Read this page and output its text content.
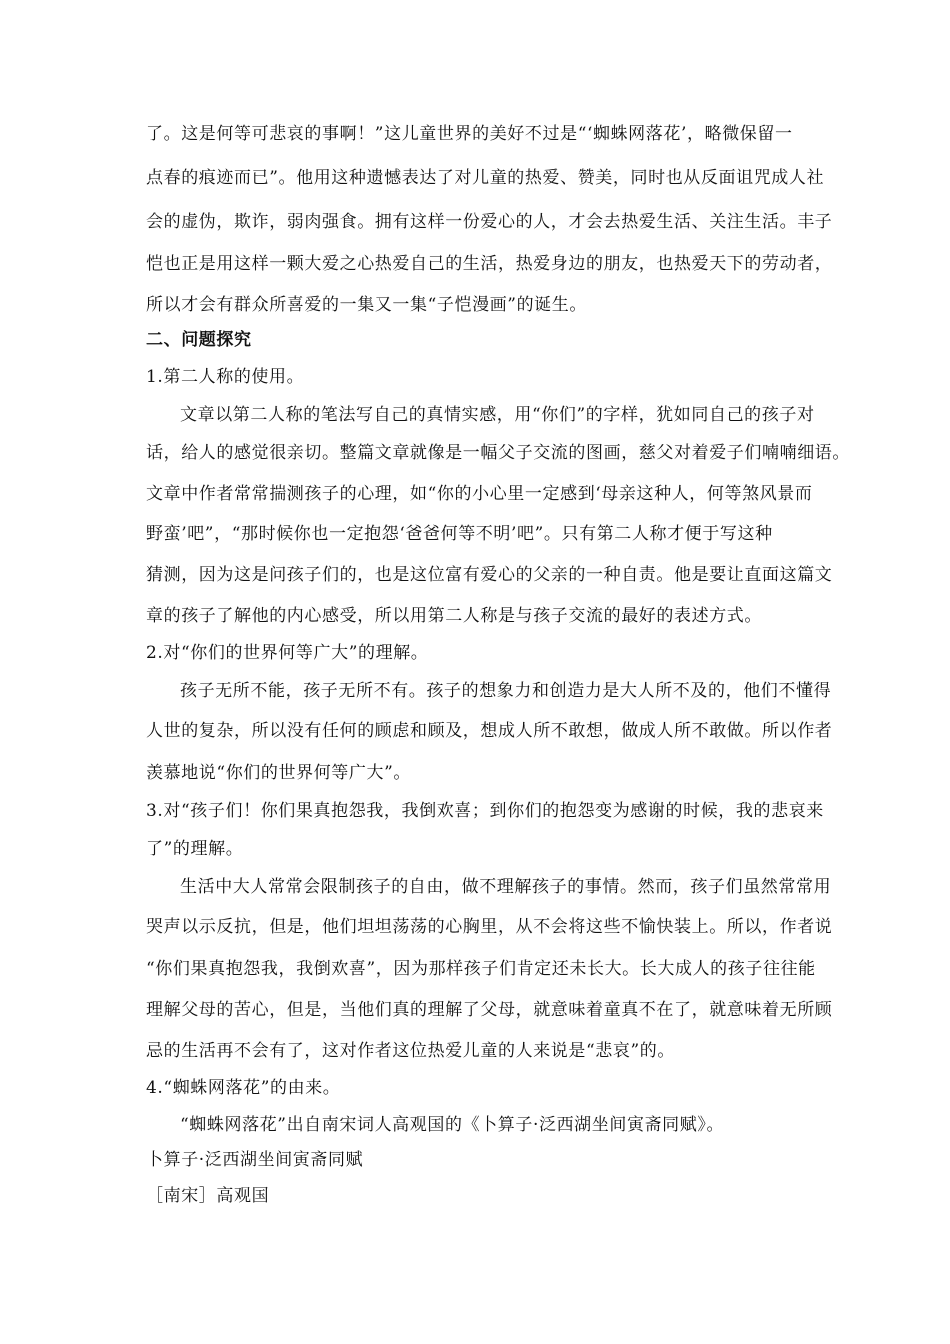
了。这是何等可悲哀的事啊！”这儿童世界的美好不过是“‘蜘蛛网落花’，略微保留一
点春的痕迹而已”。他用这种遗憾表达了对儿童的热爱、赞美，同时也从反面诅咒成人社
会的虚伪，欺诈，弱肉强食。拥有这样一份爱心的人，才会去热爱生活、关注生活。丰子
恺也正是用这样一颗大爱之心热爱自己的生活，热爱身边的朋友，也热爱天下的劳动者，
所以才会有群众所喜爱的一集又一集“子恺漫画”的诞生。
二、问题探究
1.第二人称的使用。
文章以第二人称的笔法写自己的真情实感，用“你们”的字样，犹如同自己的孩子对
话，给人的感觉很亲切。整篇文章就像是一幅父子交流的图画，慈父对着爱子们喃喃细语。
文章中作者常常揣测孩子的心理，如“你的小心里一定感到‘母亲这种人，何等煞风景而
野蛮’吧”，“那时候你也一定抱怨‘爸爸何等不明’吧”。只有第二人称才便于写这种
猜测，因为这是问孩子们的，也是这位富有爱心的父亲的一种自责。他是要让直面这篇文
章的孩子了解他的内心感受，所以用第二人称是与孩子交流的最好的表述方式。
2.对“你们的世界何等广大”的理解。
孩子无所不能，孩子无所不有。孩子的想象力和创造力是大人所不及的，他们不懂得
人世的复杂，所以没有任何的顾虑和顾及，想成人所不敢想，做成人所不敢做。所以作者
羡慕地说“你们的世界何等广大”。
3.对“孩子们！你们果真抱怨我，我倒欢喜；到你们的抱怨变为感谢的时候，我的悲哀来
了”的理解。
生活中大人常常会限制孩子的自由，做不理解孩子的事情。然而，孩子们虽然常常用
哭声以示反抗，但是，他们坦坦荡荡的心胸里，从不会将这些不愉快装上。所以，作者说
“你们果真抱怨我，我倒欢喜”，因为那样孩子们肯定还未长大。长大成人的孩子往往能
理解父母的苦心，但是，当他们真的理解了父母，就意味着童真不在了，就意味着无所顾
忌的生活再不会有了，这对作者这位热爱儿童的人来说是“悲哀”的。
4.“蜘蛛网落花”的由来。
“蜘蛛网落花”出自南宋词人高观国的《卜算子·泛西湖坐间寅斋同赋》。
卜算子·泛西湖坐间寅斋同赋
［南宋］高观国
